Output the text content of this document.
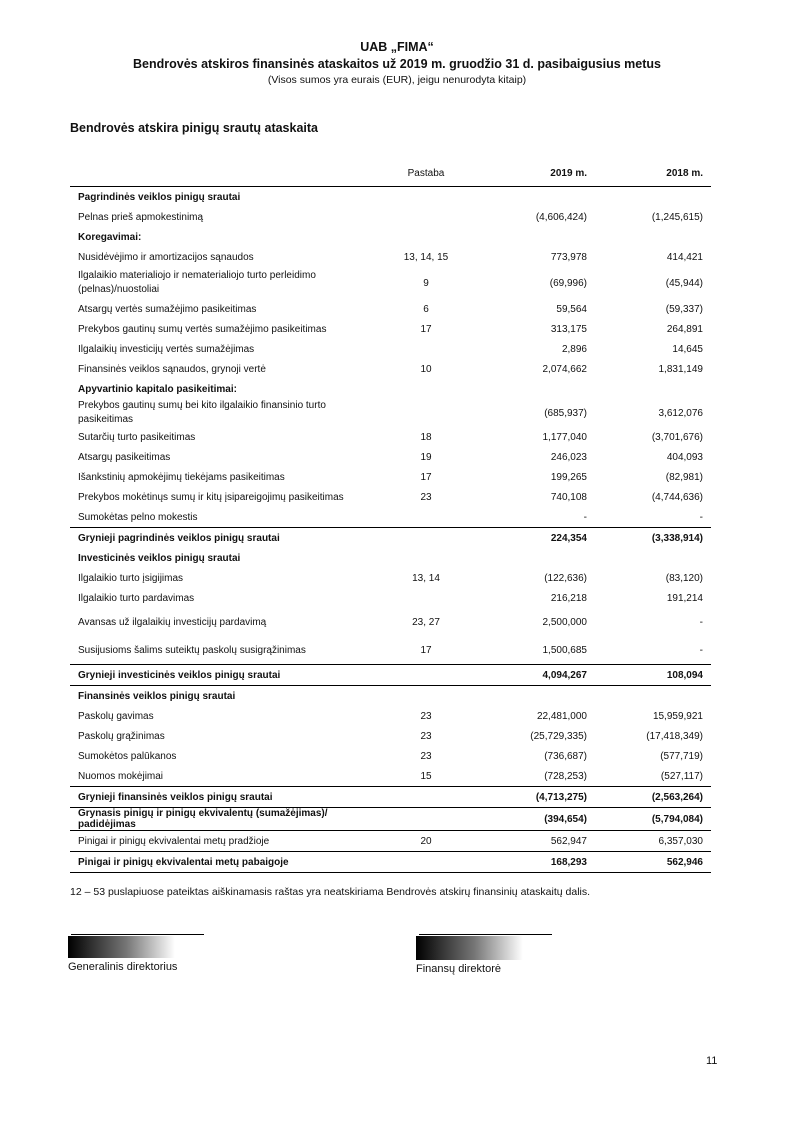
UAB „FIMA“
Bendrovės atskiros finansinės ataskaitos už 2019 m. gruodžio 31 d. pasibaigusius metus
(Visos sumos yra eurais (EUR), jeigu nenurodyta kitaip)
Bendrovės atskira pinigų srautų ataskaita
	Pastaba	2019 m.	2018 m.
Pagrindinės veiklos pinigų srautai			
Pelnas prieš apmokestinimą		(4,606,424)	(1,245,615)
Koregavimai:			
Nusidėvėjimo ir amortizacijos sąnaudos	13, 14, 15	773,978	414,421
Ilgalaikio materialiojo ir nematerialiojo turto perleidimo (pelnas)/nuostoliai	9	(69,996)	(45,944)
Atsargų vertės sumažėjimo pasikeitimas	6	59,564	(59,337)
Prekybos gautinų sumų vertės sumažėjimo pasikeitimas	17	313,175	264,891
Ilgalaikių investicijų vertės sumažėjimas		2,896	14,645
Finansinės veiklos sąnaudos, grynoji vertė	10	2,074,662	1,831,149
Apyvartinio kapitalo pasikeitimai:			
Prekybos gautinų sumų bei kito ilgalaikio finansinio turto pasikeitimas		(685,937)	3,612,076
Sutarčių turto pasikeitimas	18	1,177,040	(3,701,676)
Atsargų pasikeitimas	19	246,023	404,093
Išankstinių apmokėjimų tiekėjams pasikeitimas	17	199,265	(82,981)
Prekybos mokėtinųs sumų ir kitų įsipareigojimų pasikeitimas	23	740,108	(4,744,636)
Sumokėtas pelno mokestis		-	-
Grynieji pagrindinės veiklos pinigų srautai		224,354	(3,338,914)
Investicinės veiklos pinigų srautai			
Ilgalaikio turto įsigijimas	13, 14	(122,636)	(83,120)
Ilgalaikio turto pardavimas		216,218	191,214
Avansas už ilgalaikių investicijų pardavimą	23, 27	2,500,000	-
Susijusioms šalims suteiktų paskolų susigrąžinimas	17	1,500,685	-
Grynieji investicinės veiklos pinigų srautai		4,094,267	108,094
Finansinės veiklos pinigų srautai			
Paskolų gavimas	23	22,481,000	15,959,921
Paskolų grąžinimas	23	(25,729,335)	(17,418,349)
Sumokėtos palūkanos	23	(736,687)	(577,719)
Nuomos mokėjimai	15	(728,253)	(527,117)
Grynieji finansinės veiklos pinigų srautai		(4,713,275)	(2,563,264)
Grynasis pinigų ir pinigų ekvivalentų (sumažėjimas)/ padidėjimas		(394,654)	(5,794,084)
Pinigai ir pinigų ekvivalentai metų pradžioje	20	562,947	6,357,030
Pinigai ir pinigų ekvivalentai metų pabaigoje		168,293	562,946
12 – 53 puslapiuose pateiktas aiškinamasis raštas yra neatskiriama Bendrovės atskirų finansinių ataskaitų dalis.
Generalinis direktorius	Finansų direktorė
11
